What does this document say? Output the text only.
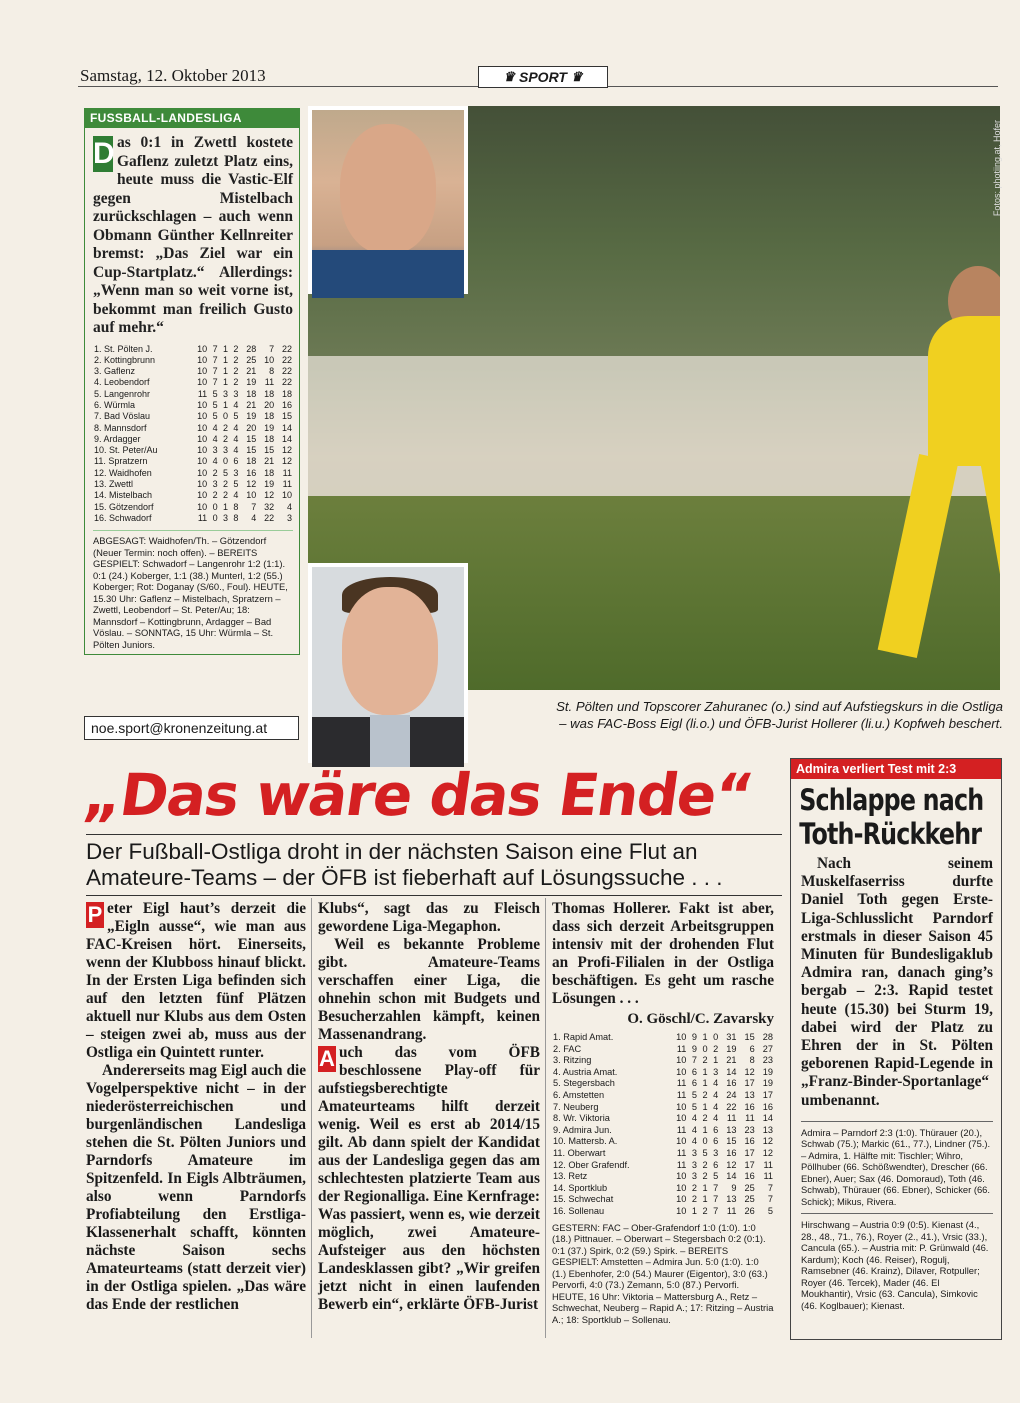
Samstag, 12. Oktober 2013	♛ SPORT ♛
FUSSBALL-LANDESLIGA
D as 0:1 in Zwettl kostete Gaflenz zuletzt Platz eins, heute muss die Vastic-Elf gegen Mistelbach zurückschlagen – auch wenn Obmann Günther Kellnreiter bremst: „Das Ziel war ein Cup-Startplatz.“ Allerdings: „Wenn man so weit vorne ist, bekommt man freilich Gusto auf mehr.“
1. St. Pölten J.	10	7	1	2	28	7	22
2. Kottingbrunn	10	7	1	2	25	10	22
3. Gaflenz	10	7	1	2	21	8	22
4. Leobendorf	10	7	1	2	19	11	22
5. Langenrohr	11	5	3	3	18	18	18
6. Würmla	10	5	1	4	21	20	16
7. Bad Vöslau	10	5	0	5	19	18	15
8. Mannsdorf	10	4	2	4	20	19	14
9. Ardagger	10	4	2	4	15	18	14
10. St. Peter/Au	10	3	3	4	15	15	12
11. Spratzern	10	4	0	6	18	21	12
12. Waidhofen	10	2	5	3	16	18	11
13. Zwettl	10	3	2	5	12	19	11
14. Mistelbach	10	2	2	4	10	12	10
15. Götzendorf	10	0	1	8	7	32	4
16. Schwadorf	11	0	3	8	4	22	3
ABGESAGT: Waidhofen/Th. – Götzendorf (Neuer Termin: noch offen). – BEREITS GESPIELT: Schwadorf – Langenrohr 1:2 (1:1). 0:1 (24.) Koberger, 1:1 (38.) Munterl, 1:2 (55.) Koberger; Rot: Doganay (S/60., Foul). HEUTE, 15.30 Uhr: Gaflenz – Mistelbach, Spratzern – Zwettl, Leobendorf – St. Peter/Au; 18: Mannsdorf – Kottingbrunn, Ardagger – Bad Vöslau. – SONNTAG, 15 Uhr: Würmla – St. Pölten Juniors.
Fotos: photiing.at, Hofer
St. Pölten und Topscorer Zahuranec (o.) sind auf Aufstiegskurs in die Ostliga
– was FAC-Boss Eigl (li.o.) und ÖFB-Jurist Hollerer (li.u.) Kopfweh beschert.
noe.sport@kronenzeitung.at
„Das wäre das Ende“
Der Fußball-Ostliga droht in der nächsten Saison eine Flut an
Amateure-Teams – der ÖFB ist fieberhaft auf Lösungssuche . . .

P eter Eigl haut’s derzeit die „Eigln ausse“, wie man aus FAC-Kreisen hört. Einerseits, wenn der Klubboss hinauf blickt. In der Ersten Liga befinden sich auf den letzten fünf Plätzen aktuell nur Klubs aus dem Osten – steigen zwei ab, muss aus der Ostliga ein Quintett runter.

Andererseits mag Eigl auch die Vogelperspektive nicht – in der niederösterreichischen und burgenländischen Landesliga stehen die St. Pölten Juniors und Parndorfs Amateure im Spitzenfeld. In Eigls Albträumen, also wenn Parndorfs Profiabteilung den Erstliga-Klassenerhalt schafft, könnten nächste Saison sechs Amateurteams (statt derzeit vier) in der Ostliga spielen. „Das wäre das Ende der restlichen

Klubs“, sagt das zu Fleisch gewordene Liga-Megaphon.

Weil es bekannte Probleme gibt. Amateure-Teams verschaffen einer Liga, die ohnehin schon mit Budgets und Besucherzahlen kämpft, keinen Massenandrang.

A uch das vom ÖFB beschlossene Play-off für aufstiegsberechtigte Amateurteams hilft derzeit wenig. Weil es erst ab 2014/15 gilt. Ab dann spielt der Kandidat aus der Landesliga gegen das am schlechtesten platzierte Team aus der Regionalliga. Eine Kernfrage: Was passiert, wenn es, wie derzeit möglich, zwei Amateure-Aufsteiger aus den höchsten Landesklassen gibt? „Wir greifen jetzt nicht in einen laufenden Bewerb ein“, erklärte ÖFB-Jurist

Thomas Hollerer. Fakt ist aber, dass sich derzeit Arbeitsgruppen intensiv mit der drohenden Flut an Profi-Filialen in der Ostliga beschäftigen. Es geht um rasche Lösungen . . .

O. Göschl/C. Zavarsky
1. Rapid Amat.	10	9	1	0	31	15	28
2. FAC	11	9	0	2	19	6	27
3. Ritzing	10	7	2	1	21	8	23
4. Austria Amat.	10	6	1	3	14	12	19
5. Stegersbach	11	6	1	4	16	17	19
6. Amstetten	11	5	2	4	24	13	17
7. Neuberg	10	5	1	4	22	16	16
8. Wr. Viktoria	10	4	2	4	11	11	14
9. Admira Jun.	11	4	1	6	13	23	13
10. Mattersb. A.	10	4	0	6	15	16	12
11. Oberwart	11	3	5	3	16	17	12
12. Ober Grafendf.	11	3	2	6	12	17	11
13. Retz	10	3	2	5	14	16	11
14. Sportklub	10	2	1	7	9	25	7
15. Schwechat	10	2	1	7	13	25	7
16. Sollenau	10	1	2	7	11	26	5
GESTERN: FAC – Ober-Grafendorf 1:0 (1:0). 1:0 (18.) Pittnauer. – Oberwart – Stegersbach 0:2 (0:1). 0:1 (37.) Spirk, 0:2 (59.) Spirk. – BEREITS GESPIELT: Amstetten – Admira Jun. 5:0 (1:0). 1:0 (1.) Ebenhofer, 2:0 (54.) Maurer (Eigentor), 3:0 (63.) Pervorfi, 4:0 (73.) Zemann, 5:0 (87.) Pervorfi. HEUTE, 16 Uhr: Viktoria – Mattersburg A., Retz – Schwechat, Neuberg – Rapid A.; 17: Ritzing – Austria A.; 18: Sportklub – Sollenau.
Admira verliert Test mit 2:3
Schlappe nach
Toth-Rückkehr

Nach seinem Muskelfaserriss durfte Daniel Toth gegen Erste-Liga-Schlusslicht Parndorf erstmals in dieser Saison 45 Minuten für Bundesligaklub Admira ran, danach ging’s bergab – 2:3. Rapid testet heute (15.30) bei Sturm 19, dabei wird der Platz zu Ehren der in St. Pölten geborenen Rapid-Legende in „Franz-Binder-Sportanlage“ umbenannt.

Admira – Parndorf 2:3 (1:0). Thürauer (20.), Schwab (75.); Markic (61., 77.), Lindner (75.). – Admira, 1. Hälfte mit: Tischler; Wihro, Pöllhuber (66. Schößwendter), Drescher (66. Ebner), Auer; Sax (46. Domoraud), Toth (46. Schwab), Thürauer (66. Ebner), Schicker (66. Schick); Mikus, Rivera.

Hirschwang – Austria 0:9 (0:5). Kienast (4., 28., 48., 71., 76.), Royer (2., 41.), Vrsic (33.), Cancula (65.). – Austria mit: P. Grünwald (46. Kardum); Koch (46. Reiser), Rogulj, Ramsebner (46. Krainz), Dilaver, Rotpuller; Royer (46. Tercek), Mader (46. El Moukhantir), Vrsic (63. Cancula), Simkovic (46. Koglbauer); Kienast.
